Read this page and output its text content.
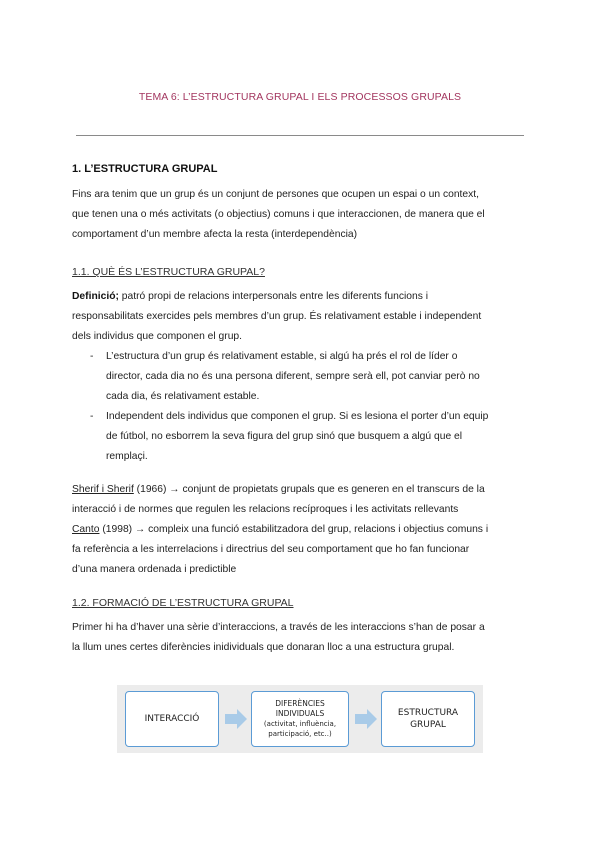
TEMA 6: L’ESTRUCTURA GRUPAL I ELS PROCESSOS GRUPALS
1. L’ESTRUCTURA GRUPAL

Fins ara tenim que un grup és un conjunt de persones que ocupen un espai o un context,

que tenen una o més activitats (o objectius) comuns i que interaccionen, de manera que el

comportament d’un membre afecta la resta (interdependència)

1.1. QUÈ ÉS L’ESTRUCTURA GRUPAL?

Definició; patró propi de relacions interpersonals entre les diferents funcions i

responsabilitats exercides pels membres d’un grup. És relativament estable i independent

dels individus que componen el grup.

- L’estructura d’un grup és relativament estable, si algú ha prés el rol de líder o
director, cada dia no és una persona diferent, sempre serà ell, pot canviar però no
cada dia, és relativament estable.
- Independent dels individus que componen el grup. Si es lesiona el porter d’un equip
de fútbol, no esborrem la seva figura del grup sinó que busquem a algú que el
remplaçi.

Sherif i Sherif (1966) → conjunt de propietats grupals que es generen en el transcurs de la

interacció i de normes que regulen les relacions recíproques i les activitats rellevants

Canto (1998) → compleix una funció estabilitzadora del grup, relacions i objectius comuns i

fa referència a les interrelacions i directrius del seu comportament que ho fan funcionar

d’una manera ordenada i predictible

1.2. FORMACIÓ DE L’ESTRUCTURA GRUPAL

Primer hi ha d’haver una sèrie d’interaccions, a través de les interaccions s’han de posar a

la llum unes certes diferències inidividuals que donaran lloc a una estructura grupal.

INTERACCIÓ
DIFERÈNCIES
INDIVIDUALS
(activitat, influència,
participació, etc..)
ESTRUCTURA
GRUPAL
